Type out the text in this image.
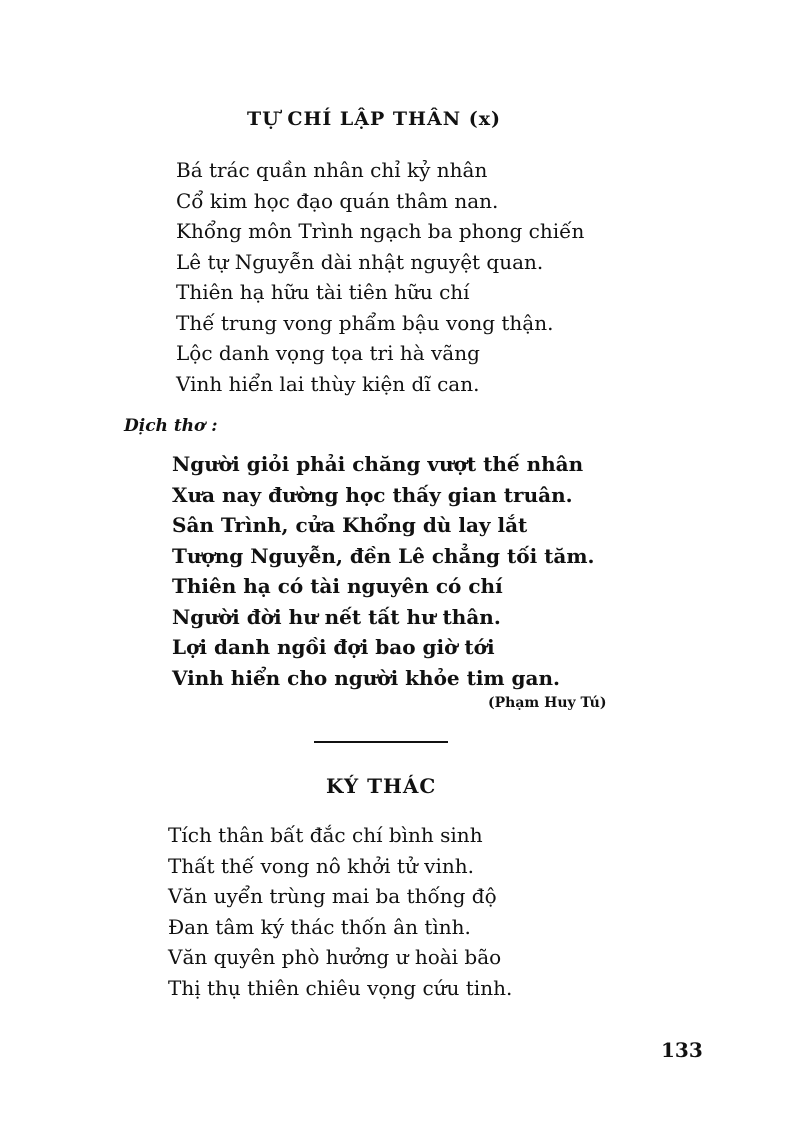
TỰ CHÍ LẬP THÂN (x)
Bá trác quần nhân chỉ kỷ nhân
Cổ kim học đạo quán thâm nan.
Khổng môn Trình ngạch ba phong chiến
Lê tự Nguyễn dài nhật nguyệt quan.
Thiên hạ hữu tài tiên hữu chí
Thế trung vong phẩm bậu vong thận.
Lộc danh vọng tọa tri hà vãng
Vinh hiển lai thùy kiện dĩ can.
Dịch thơ :
Người giỏi phải chăng vượt thế nhân
Xưa nay đường học thấy gian truân.
Sân Trình, cửa Khổng dù lay lắt
Tượng Nguyễn, đền Lê chẳng tối tăm.
Thiên hạ có tài nguyên có chí
Người đời hư nết tất hư thân.
Lợi danh ngồi đợi bao giờ tới
Vinh hiển cho người khỏe tim gan.
(Phạm Huy Tú)
KÝ THÁC
Tích thân bất đắc chí bình sinh
Thất thế vong nô khởi tử vinh.
Văn uyển trùng mai ba thống độ
Đan tâm ký thác thốn ân tình.
Văn quyên phò hưởng ư hoài bão
Thị thụ thiên chiêu vọng cứu tinh.
133
